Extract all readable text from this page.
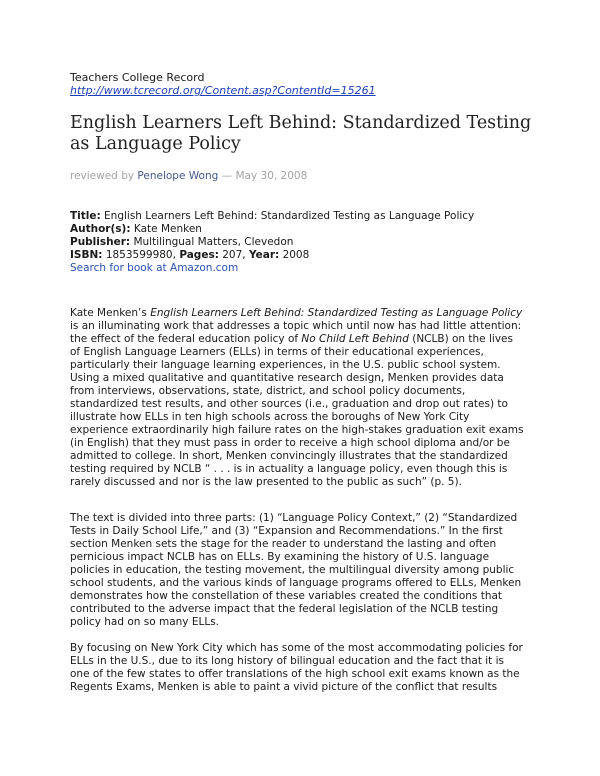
Teachers College Record
http://www.tcrecord.org/Content.asp?ContentId=15261
English Learners Left Behind: Standardized Testing as Language Policy
reviewed by Penelope Wong — May 30, 2008
Title: English Learners Left Behind: Standardized Testing as Language Policy
Author(s): Kate Menken
Publisher: Multilingual Matters, Clevedon
ISBN: 1853599980, Pages: 207, Year: 2008
Search for book at Amazon.com
Kate Menken’s English Learners Left Behind: Standardized Testing as Language Policy
is an illuminating work that addresses a topic which until now has had little attention:
the effect of the federal education policy of No Child Left Behind (NCLB) on the lives
of English Language Learners (ELLs) in terms of their educational experiences,
particularly their language learning experiences, in the U.S. public school system.
Using a mixed qualitative and quantitative research design, Menken provides data
from interviews, observations, state, district, and school policy documents,
standardized test results, and other sources (i.e., graduation and drop out rates) to
illustrate how ELLs in ten high schools across the boroughs of New York City
experience extraordinarily high failure rates on the high-stakes graduation exit exams
(in English) that they must pass in order to receive a high school diploma and/or be
admitted to college. In short, Menken convincingly illustrates that the standardized
testing required by NCLB “ . . . is in actuality a language policy, even though this is
rarely discussed and nor is the law presented to the public as such” (p. 5).
The text is divided into three parts: (1) “Language Policy Context,” (2) “Standardized
Tests in Daily School Life,” and (3) “Expansion and Recommendations.” In the first
section Menken sets the stage for the reader to understand the lasting and often
pernicious impact NCLB has on ELLs. By examining the history of U.S. language
policies in education, the testing movement, the multilingual diversity among public
school students, and the various kinds of language programs offered to ELLs, Menken
demonstrates how the constellation of these variables created the conditions that
contributed to the adverse impact that the federal legislation of the NCLB testing
policy had on so many ELLs.
By focusing on New York City which has some of the most accommodating policies for
ELLs in the U.S., due to its long history of bilingual education and the fact that it is
one of the few states to offer translations of the high school exit exams known as the
Regents Exams, Menken is able to paint a vivid picture of the conflict that results
